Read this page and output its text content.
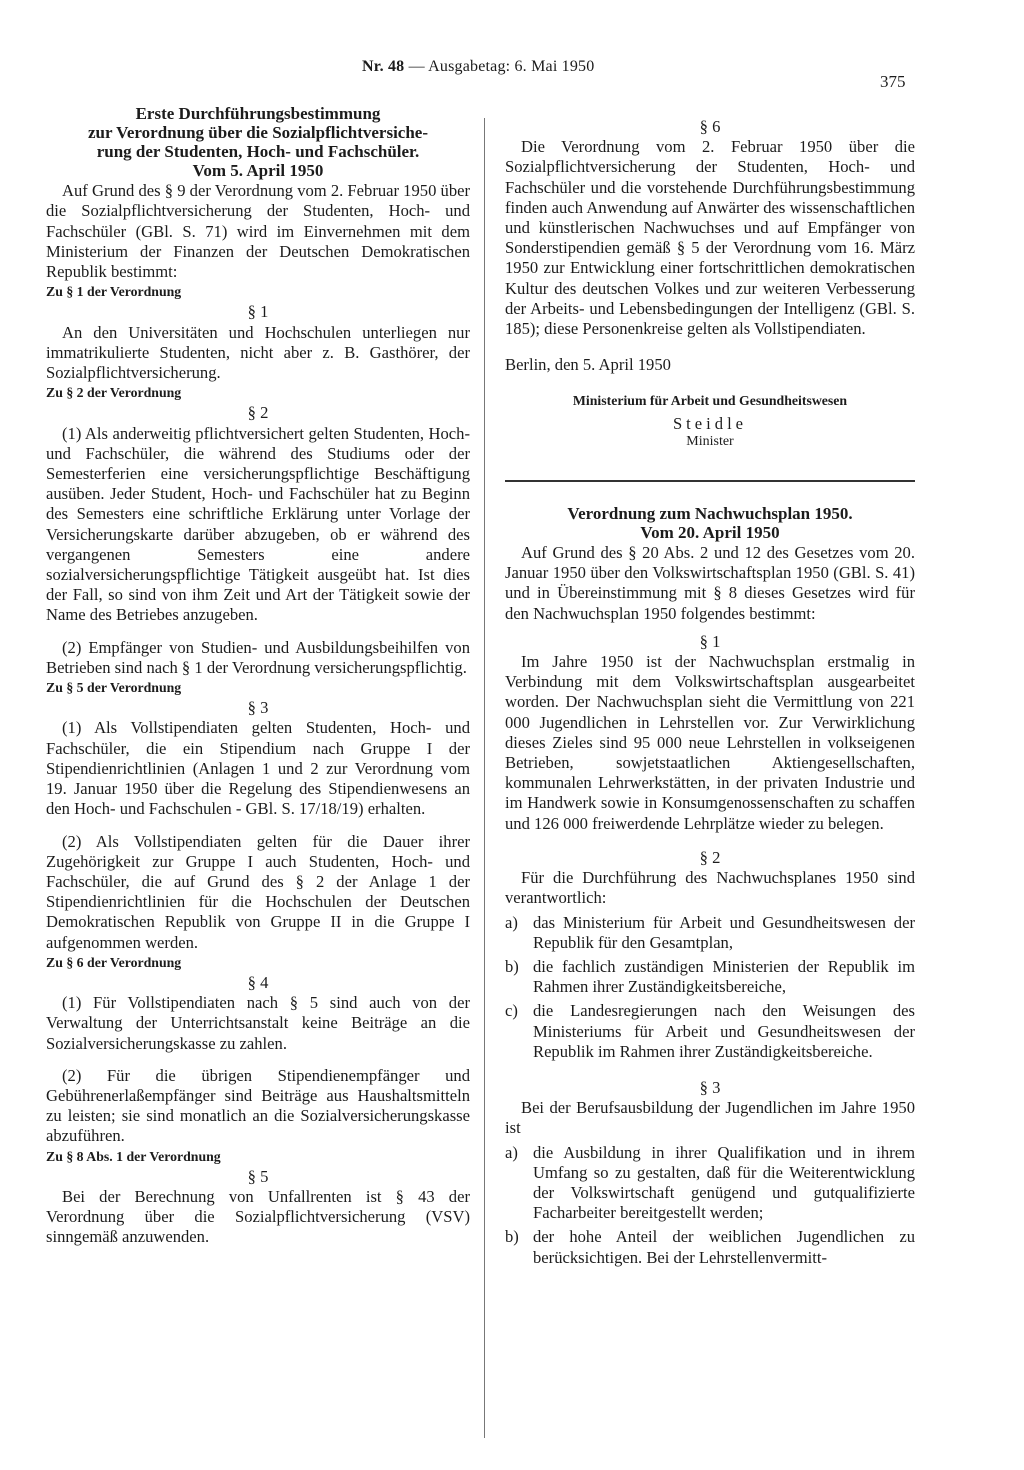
Nr. 48 — Ausgabetag: 6. Mai 1950
375

Erste Durchführungsbestimmung

zur Verordnung über die Sozialpflichtversiche-

rung der Studenten, Hoch- und Fachschüler.

Vom 5. April 1950

Auf Grund des § 9 der Verordnung vom 2. Februar 1950 über die Sozialpflichtversicherung der Studenten, Hoch- und Fachschüler (GBl. S. 71) wird im Einvernehmen mit dem Ministerium der Finanzen der Deutschen Demokratischen Republik bestimmt:

Zu § 1 der Verordnung

§ 1

An den Universitäten und Hochschulen unterliegen nur immatrikulierte Studenten, nicht aber z. B. Gasthörer, der Sozialpflichtversicherung.

Zu § 2 der Verordnung

§ 2

(1) Als anderweitig pflichtversichert gelten Studenten, Hoch- und Fachschüler, die während des Studiums oder der Semesterferien eine versicherungspflichtige Beschäftigung ausüben. Jeder Student, Hoch- und Fachschüler hat zu Beginn des Semesters eine schriftliche Erklärung unter Vorlage der Versicherungskarte darüber abzugeben, ob er während des vergangenen Semesters eine andere sozialversicherungspflichtige Tätigkeit ausgeübt hat. Ist dies der Fall, so sind von ihm Zeit und Art der Tätigkeit sowie der Name des Betriebes anzugeben.

(2) Empfänger von Studien- und Ausbildungsbeihilfen von Betrieben sind nach § 1 der Verordnung versicherungspflichtig.

Zu § 5 der Verordnung

§ 3

(1) Als Vollstipendiaten gelten Studenten, Hoch- und Fachschüler, die ein Stipendium nach Gruppe I der Stipendienrichtlinien (Anlagen 1 und 2 zur Verordnung vom 19. Januar 1950 über die Regelung des Stipendienwesens an den Hoch- und Fachschulen - GBl. S. 17/18/19) erhalten.

(2) Als Vollstipendiaten gelten für die Dauer ihrer Zugehörigkeit zur Gruppe I auch Studenten, Hoch- und Fachschüler, die auf Grund des § 2 der Anlage 1 der Stipendienrichtlinien für die Hochschulen der Deutschen Demokratischen Republik von Gruppe II in die Gruppe I aufgenommen werden.

Zu § 6 der Verordnung

§ 4

(1) Für Vollstipendiaten nach § 5 sind auch von der Verwaltung der Unterrichtsanstalt keine Beiträge an die Sozialversicherungskasse zu zahlen.

(2) Für die übrigen Stipendienempfänger und Gebührenerlaßempfänger sind Beiträge aus Haushaltsmitteln zu leisten; sie sind monatlich an die Sozialversicherungskasse abzuführen.

Zu § 8 Abs. 1 der Verordnung

§ 5

Bei der Berechnung von Unfallrenten ist § 43 der Verordnung über die Sozialpflichtversicherung (VSV) sinngemäß anzuwenden.

§ 6

Die Verordnung vom 2. Februar 1950 über die Sozialpflichtversicherung der Studenten, Hoch- und Fachschüler und die vorstehende Durchführungsbestimmung finden auch Anwendung auf Anwärter des wissenschaftlichen und künstlerischen Nachwuchses und auf Empfänger von Sonderstipendien gemäß § 5 der Verordnung vom 16. März 1950 zur Entwicklung einer fortschrittlichen demokratischen Kultur des deutschen Volkes und zur weiteren Verbesserung der Arbeits- und Lebensbedingungen der Intelligenz (GBl. S. 185); diese Personenkreise gelten als Vollstipendiaten.

Berlin, den 5. April 1950

Ministerium für Arbeit und Gesundheitswesen

Steidle

Minister

Verordnung zum Nachwuchsplan 1950.

Vom 20. April 1950

Auf Grund des § 20 Abs. 2 und 12 des Gesetzes vom 20. Januar 1950 über den Volkswirtschaftsplan 1950 (GBl. S. 41) und in Übereinstimmung mit § 8 dieses Gesetzes wird für den Nachwuchsplan 1950 folgendes bestimmt:

§ 1

Im Jahre 1950 ist der Nachwuchsplan erstmalig in Verbindung mit dem Volkswirtschaftsplan ausgearbeitet worden. Der Nachwuchsplan sieht die Vermittlung von 221 000 Jugendlichen in Lehrstellen vor. Zur Verwirklichung dieses Zieles sind 95 000 neue Lehrstellen in volkseigenen Betrieben, sowjetstaatlichen Aktiengesellschaften, kommunalen Lehrwerkstätten, in der privaten Industrie und im Handwerk sowie in Konsumgenossenschaften zu schaffen und 126 000 freiwerdende Lehrplätze wieder zu belegen.

§ 2

Für die Durchführung des Nachwuchsplanes 1950 sind verantwortlich:

a) das Ministerium für Arbeit und Gesundheitswesen der Republik für den Gesamtplan,
b) die fachlich zuständigen Ministerien der Republik im Rahmen ihrer Zuständigkeitsbereiche,
c) die Landesregierungen nach den Weisungen des Ministeriums für Arbeit und Gesundheitswesen der Republik im Rahmen ihrer Zuständigkeitsbereiche.

§ 3

Bei der Berufsausbildung der Jugendlichen im Jahre 1950 ist

a) die Ausbildung in ihrer Qualifikation und in ihrem Umfang so zu gestalten, daß für die Weiterentwicklung der Volkswirtschaft genügend und gutqualifizierte Facharbeiter bereitgestellt werden;
b) der hohe Anteil der weiblichen Jugendlichen zu berücksichtigen. Bei der Lehrstellenvermitt-
